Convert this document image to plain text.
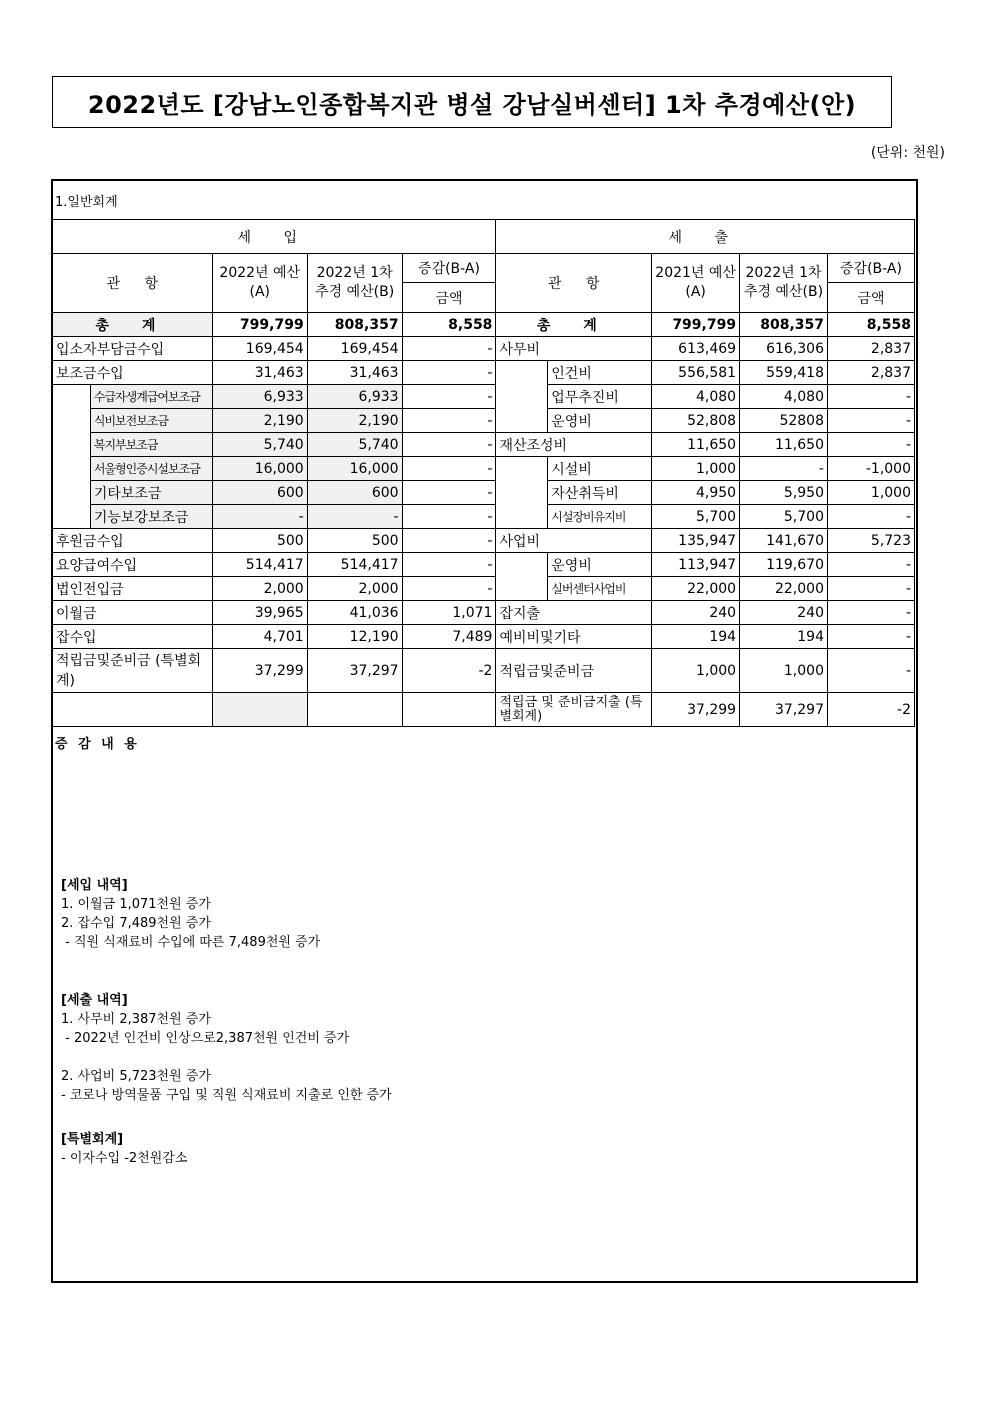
2022년도 [강남노인종합복지관 병설 강남실버센터] 1차 추경예산(안)
(단위: 천원)
1.일반회계
세 입					세 출				
관 항		2022년 예산(A)	2022년 1차 추경 예산(B)	증감(B-A)	관 항		2021년 예산(A)	2022년 1차 추경 예산(B)	증감(B-A)
				금액					금액
총 계		799,799	808,357	8,558	총 계		799,799	808,357	8,558
입소자부담금수입		169,454	169,454	-	사무비		613,469	616,306	2,837
보조금수입		31,463	31,463	-		인건비	556,581	559,418	2,837
	수급자생계급여보조금	6,933	6,933	-		업무추진비	4,080	4,080	-
	식비보전보조금	2,190	2,190	-		운영비	52,808	52808	-
	복지부보조금	5,740	5,740	-	재산조성비		11,650	11,650	-
	서울형인증시설보조금	16,000	16,000	-		시설비	1,000	-	-1,000
	기타보조금	600	600	-		자산취득비	4,950	5,950	1,000
	기능보강보조금	-	-	-		시설장비유지비	5,700	5,700	-
후원금수입		500	500	-	사업비		135,947	141,670	5,723
요양급여수입		514,417	514,417	-		운영비	113,947	119,670	-
법인전입금		2,000	2,000	-		실버센터사업비	22,000	22,000	-
이월금		39,965	41,036	1,071	잡지출		240	240	-
잡수입		4,701	12,190	7,489	예비비및기타		194	194	-
적립금및준비금 (특별회계)		37,299	37,297	-2	적립금및준비금		1,000	1,000	-
					적립금 및 준비금지출 (특별회계)		37,299	37,297	-2
증 감 내 용
[세입 내역]
1. 이월금 1,071천원 증가
2. 잡수입 7,489천원 증가
- 직원 식재료비 수입에 따른 7,489천원 증가
[세출 내역]
1. 사무비 2,387천원 증가
- 2022년 인건비 인상으로2,387천원 인건비 증가
2. 사업비 5,723천원 증가
- 코로나 방역물품 구입 및 직원 식재료비 지출로 인한 증가
[특별회계]
- 이자수입 -2천원감소
